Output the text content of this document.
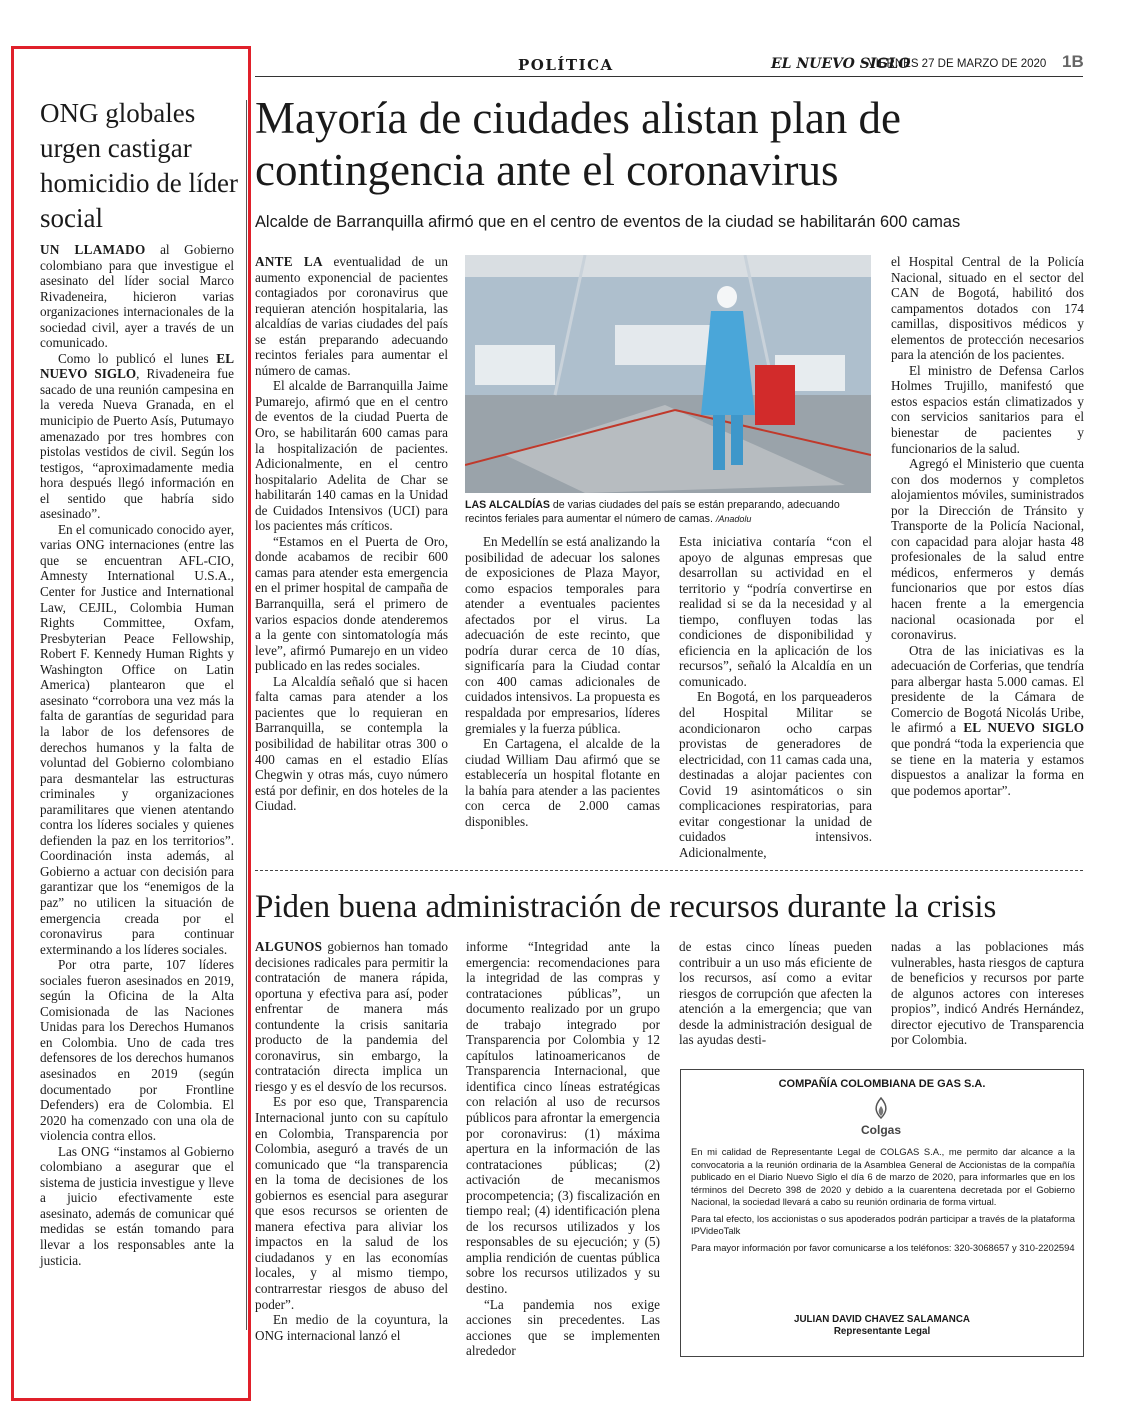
POLÍTICA	EL NUEVO SIGLO
VIERNES 27 DE MARZO DE 2020 1B
ONG globales urgen castigar homicidio de líder social

UN LLAMADO al Gobierno colombiano para que investigue el asesinato del líder social Marco Rivadeneira, hicieron varias organizaciones internacionales de la sociedad civil, ayer a través de un comunicado.

Como lo publicó el lunes EL NUEVO SIGLO, Rivadeneira fue sacado de una reunión campesina en la vereda Nueva Granada, en el municipio de Puerto Asís, Putumayo amenazado por tres hombres con pistolas vestidos de civil. Según los testigos, “aproximadamente media hora después llegó información en el sentido que habría sido asesinado”.

En el comunicado conocido ayer, varias ONG internaciones (entre las que se encuentran AFL-CIO, Amnesty International U.S.A., Center for Justice and International Law, CEJIL, Colombia Human Rights Committee, Oxfam, Presbyterian Peace Fellowship, Robert F. Kennedy Human Rights y Washington Office on Latin America) plantearon que el asesinato “corrobora una vez más la falta de garantías de seguridad para la labor de los defensores de derechos humanos y la falta de voluntad del Gobierno colombiano para desmantelar las estructuras criminales y organizaciones paramilitares que vienen atentando contra los líderes sociales y quienes defienden la paz en los territorios”. Coordinación insta además, al Gobierno a actuar con decisión para garantizar que los “enemigos de la paz” no utilicen la situación de emergencia creada por el coronavirus para continuar exterminando a los líderes sociales.

Por otra parte, 107 líderes sociales fueron asesinados en 2019, según la Oficina de la Alta Comisionada de las Naciones Unidas para los Derechos Humanos en Colombia. Uno de cada tres defensores de los derechos humanos asesinados en 2019 (según documentado por Frontline Defenders) era de Colombia. El 2020 ha comenzado con una ola de violencia contra ellos.

Las ONG “instamos al Gobierno colombiano a asegurar que el sistema de justicia investigue y lleve a juicio efectivamente este asesinato, además de comunicar qué medidas se están tomando para llevar a los responsables ante la justicia.

Mayoría de ciudades alistan plan de contingencia ante el coronavirus
Alcalde de Barranquilla afirmó que en el centro de eventos de la ciudad se habilitarán 600 camas

ANTE LA eventualidad de un aumento exponencial de pacientes contagiados por coronavirus que requieran atención hospitalaria, las alcaldías de varias ciudades del país se están preparando adecuando recintos feriales para aumentar el número de camas.

El alcalde de Barranquilla Jaime Pumarejo, afirmó que en el centro de eventos de la ciudad Puerta de Oro, se habilitarán 600 camas para la hospitalización de pacientes. Adicionalmente, en el centro hospitalario Adelita de Char se habilitarán 140 camas en la Unidad de Cuidados Intensivos (UCI) para los pacientes más críticos.

“Estamos en el Puerta de Oro, donde acabamos de recibir 600 camas para atender esta emergencia en el primer hospital de campaña de Barranquilla, será el primero de varios espacios donde atenderemos a la gente con sintomatología más leve”, afirmó Pumarejo en un video publicado en las redes sociales.

La Alcaldía señaló que si hacen falta camas para atender a los pacientes que lo requieran en Barranquilla, se contempla la posibilidad de habilitar otras 300 o 400 camas en el estadio Elías Chegwin y otras más, cuyo número está por definir, en dos hoteles de la Ciudad.

LAS ALCALDÍAS de varias ciudades del país se están preparando, adecuando recintos feriales para aumentar el número de camas. /Anadolu

En Medellín se está analizando la posibilidad de adecuar los salones de exposiciones de Plaza Mayor, como espacios temporales para atender a eventuales pacientes afectados por el virus. La adecuación de este recinto, que podría durar cerca de 10 días, significaría para la Ciudad contar con 400 camas adicionales de cuidados intensivos. La propuesta es respaldada por empresarios, líderes gremiales y la fuerza pública.

En Cartagena, el alcalde de la ciudad William Dau afirmó que se establecería un hospital flotante en la bahía para atender a las pacientes con cerca de 2.000 camas disponibles.

Esta iniciativa contaría “con el apoyo de algunas empresas que desarrollan su actividad en el territorio y “podría convertirse en realidad si se da la necesidad y al tiempo, confluyen todas las condiciones de disponibilidad y eficiencia en la aplicación de los recursos”, señaló la Alcaldía en un comunicado.

En Bogotá, en los parqueaderos del Hospital Militar se acondicionaron ocho carpas provistas de generadores de electricidad, con 11 camas cada una, destinadas a alojar pacientes con Covid 19 asintomáticos o sin complicaciones respiratorias, para evitar congestionar la unidad de cuidados intensivos. Adicionalmente,

el Hospital Central de la Policía Nacional, situado en el sector del CAN de Bogotá, habilitó dos campamentos dotados con 174 camillas, dispositivos médicos y elementos de protección necesarios para la atención de los pacientes.

El ministro de Defensa Carlos Holmes Trujillo, manifestó que estos espacios están climatizados y con servicios sanitarios para el bienestar de pacientes y funcionarios de la salud.

Agregó el Ministerio que cuenta con dos modernos y completos alojamientos móviles, suministrados por la Dirección de Tránsito y Transporte de la Policía Nacional, con capacidad para alojar hasta 48 profesionales de la salud entre médicos, enfermeros y demás funcionarios que por estos días hacen frente a la emergencia nacional ocasionada por el coronavirus.

Otra de las iniciativas es la adecuación de Corferias, que tendría para albergar hasta 5.000 camas. El presidente de la Cámara de Comercio de Bogotá Nicolás Uribe, le afirmó a EL NUEVO SIGLO que pondrá “toda la experiencia que se tiene en la materia y estamos dispuestos a analizar la forma en que podemos aportar”.

Piden buena administración de recursos durante la crisis

ALGUNOS gobiernos han tomado decisiones radicales para permitir la contratación de manera rápida, oportuna y efectiva para así, poder enfrentar de manera más contundente la crisis sanitaria producto de la pandemia del coronavirus, sin embargo, la contratación directa implica un riesgo y es el desvío de los recursos.

Es por eso que, Transparencia Internacional junto con su capítulo en Colombia, Transparencia por Colombia, aseguró a través de un comunicado que “la transparencia en la toma de decisiones de los gobiernos es esencial para asegurar que esos recursos se orienten de manera efectiva para aliviar los impactos en la salud de los ciudadanos y en las economías locales, y al mismo tiempo, contrarrestar riesgos de abuso del poder”.

En medio de la coyuntura, la ONG internacional lanzó el

informe “Integridad ante la emergencia: recomendaciones para la integridad de las compras y contrataciones públicas”, un documento realizado por un grupo de trabajo integrado por Transparencia por Colombia y 12 capítulos latinoamericanos de Transparencia Internacional, que identifica cinco líneas estratégicas con relación al uso de recursos públicos para afrontar la emergencia por coronavirus: (1) máxima apertura en la información de las contrataciones públicas; (2) activación de mecanismos procompetencia; (3) fiscalización en tiempo real; (4) identificación plena de los recursos utilizados y los responsables de su ejecución; y (5) amplia rendición de cuentas pública sobre los recursos utilizados y su destino.

“La pandemia nos exige acciones sin precedentes. Las acciones que se implementen alrededor

de estas cinco líneas pueden contribuir a un uso más eficiente de los recursos, así como a evitar riesgos de corrupción que afecten la atención a la emergencia; que van desde la administración desigual de las ayudas desti-

nadas a las poblaciones más vulnerables, hasta riesgos de captura de beneficios y recursos por parte de algunos actores con intereses propios”, indicó Andrés Hernández, director ejecutivo de Transparencia por Colombia.

COMPAÑÍA COLOMBIANA DE GAS S.A.
Colgas

En mi calidad de Representante Legal de COLGAS S.A., me permito dar alcance a la convocatoria a la reunión ordinaria de la Asamblea General de Accionistas de la compañía publicado en el Diario Nuevo Siglo el día 6 de marzo de 2020, para informarles que en los términos del Decreto 398 de 2020 y debido a la cuarentena decretada por el Gobierno Nacional, la sociedad llevará a cabo su reunión ordinaria de forma virtual.

Para tal efecto, los accionistas o sus apoderados podrán participar a través de la plataforma IPVideoTalk

Para mayor información por favor comunicarse a los teléfonos: 320-3068657 y 310-2202594

JULIAN DAVID CHAVEZ SALAMANCA
Representante Legal
